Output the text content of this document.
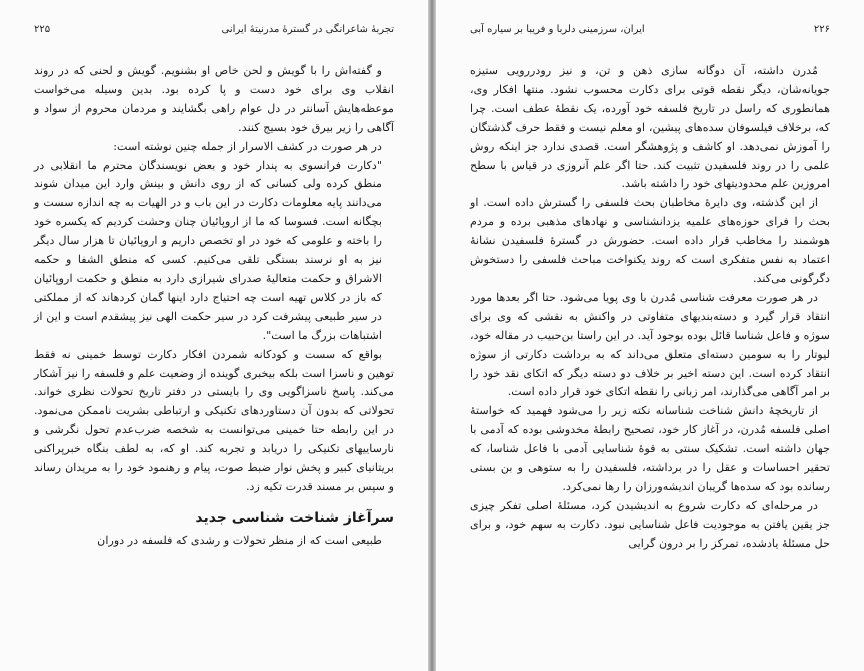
۲۲۵	تجربهٔ شاعرانگی در گسترهٔ مدرنیتهٔ ایرانی

و گفته‌اش را با گویش و لحن خاص او بشنویم. گویش و لحنی که در روند انقلاب وی برای خود دست و پا کرده بود. بدین وسیله می‌خواست موعظه‌هایش آسانتر در دل عوام راهی بگشایند و مردمان محروم از سواد و آگاهی را زیر بیرق خود بسیج کنند.

در هر صورت در کشف الاسرار از جمله چنین نوشته است:

"دکارت فرانسوی به پندار خود و بعض نویسندگان محترم ما انقلابی در منطق کرده ولی کسانی که از روی دانش و بینش وارد این میدان شوند می‌دانند پایه معلومات دکارت در این باب و در الهیات به چه اندازه سست و بچگانه است. فسوسا که ما از اروپائیان چنان وحشت کردیم که یکسره خود را باخته و علومی که خود در او تخصص داریم و اروپائیان تا هزار سال دیگر نیز به او نرسند بستگی تلقی می‌کنیم. کسی که منطق الشفا و حکمه الاشراق و حکمت متعالیهٔ صدرای شیرازی دارد به منطق و حکمت اروپائیان که باز در کلاس تهیه است چه احتیاج دارد اینها گمان کردهاند که از مملکتی در سیر طبیعی پیشرفت کرد در سیر حکمت الهی نیز پیشقدم است و این از اشتباهات بزرگ ما است".

بواقع که سست و کودکانه شمردن افکار دکارت توسط خمینی نه فقط توهین و ناسزا است بلکه بیخبری گوینده از وضعیت علم و فلسفه را نیز آشکار می‌کند. پاسخ ناسزاگویی وی را بایستی در دفتر تاریخ تحولات نظری خواند. تحولاتی که بدون آن دستاوردهای تکنیکی و ارتباطی بشریت ناممکن می‌نمود. در این رابطه حتا خمینی می‌توانست به شخصه ضرب‌عدم تحول نگرشی و نارساییهای تکنیکی را دریابد و تجربه کند. او که، به لطف بنگاه خبرپراکنی بریتانیای کبیر و پخش نوار ضبط صوت، پیام و رهنمود خود را به مریدان رساند و سپس بر مسند قدرت تکیه زد.

سرآغاز شناخت شناسی جدید

طبیعی است که از منظر تحولات و رشدی که فلسفه در دوران

۲۲۶
ایران، سرزمینی دلربا و فریبا بر سیاره آبی

مُدرن داشته، آن دوگانه سازی ذهن و تن، و نیز رودررویی ستیزه جویانه‌شان، دیگر نقطه قوتی برای دکارت محسوب نشود. منتها افکار وی، همانطوری که راسل در تاریخ فلسفه خود آورده، یک نقطهٔ عطف است. چرا که، برخلاف فیلسوفان سده‌های پیشین، او معلم نیست و فقط حرف گذشتگان را آموزش نمی‌دهد. او کاشف و پژوهشگر است. قصدی ندارد جز اینکه روش علمی را در روند فلسفیدن تثبیت کند. حتا اگر علم آنروزی در قیاس با سطح امروزین علم محدودیتهای خود را داشته باشد.

از این گذشته، وی دایرهٔ مخاطبان بحث فلسفی را گسترش داده است. او بحث را فرای حوزه‌های علمیه یزدانشناسی و نهادهای مذهبی برده و مردم هوشمند را مخاطب قرار داده است. حضورش در گسترهٔ فلسفیدن نشانهٔ اعتماد به نفس متفکری است که روند یکنواخت مباحث فلسفی را دستخوش دگرگونی می‌کند.

در هر صورت معرفت شناسی مُدرن با وی پویا می‌شود. حتا اگر بعدها مورد انتقاد قرار گیرد و دسته‌بندیهای متفاوتی در واکنش به نقشی که وی برای سوژه و فاعل شناسا قائل بوده بوجود آید. در این راستا بن‌حبیب در مقاله خود، لیوتار را به سومین دسته‌ای متعلق می‌داند که به برداشت دکارتی از سوژه انتقاد کرده است. این دسته اخیر بر خلاف دو دسته دیگر که اتکای نقد خود را بر امر آگاهی می‌گذارند، امر زبانی را نقطه اتکای خود قرار داده است.

از تاریخچهٔ دانش شناخت شناسانه نکته زیر را می‌شود فهمید که خواستهٔ اصلی فلسفه مُدرن، در آغاز کار خود، تصحیح رابطهٔ مخدوشی بوده که آدمی با جهان داشته است. تشکیک سنتی به قوهٔ شناسایی آدمی با فاعل شناسا، که تحقیر احساسات و عقل را در برداشته، فلسفیدن را به ستوهی و بن بستی رسانده بود که سده‌ها گریبان اندیشه‌ورزان را رها نمی‌کرد.

در مرحله‌ای که دکارت شروع به اندیشیدن کرد، مسئلهٔ اصلی تفکر چیزی جز یقین یافتن به موجودیت فاعل شناسایی نبود. دکارت به سهم خود، و برای حل مسئلهٔ یادشده، تمرکز را بر درون گرایی
